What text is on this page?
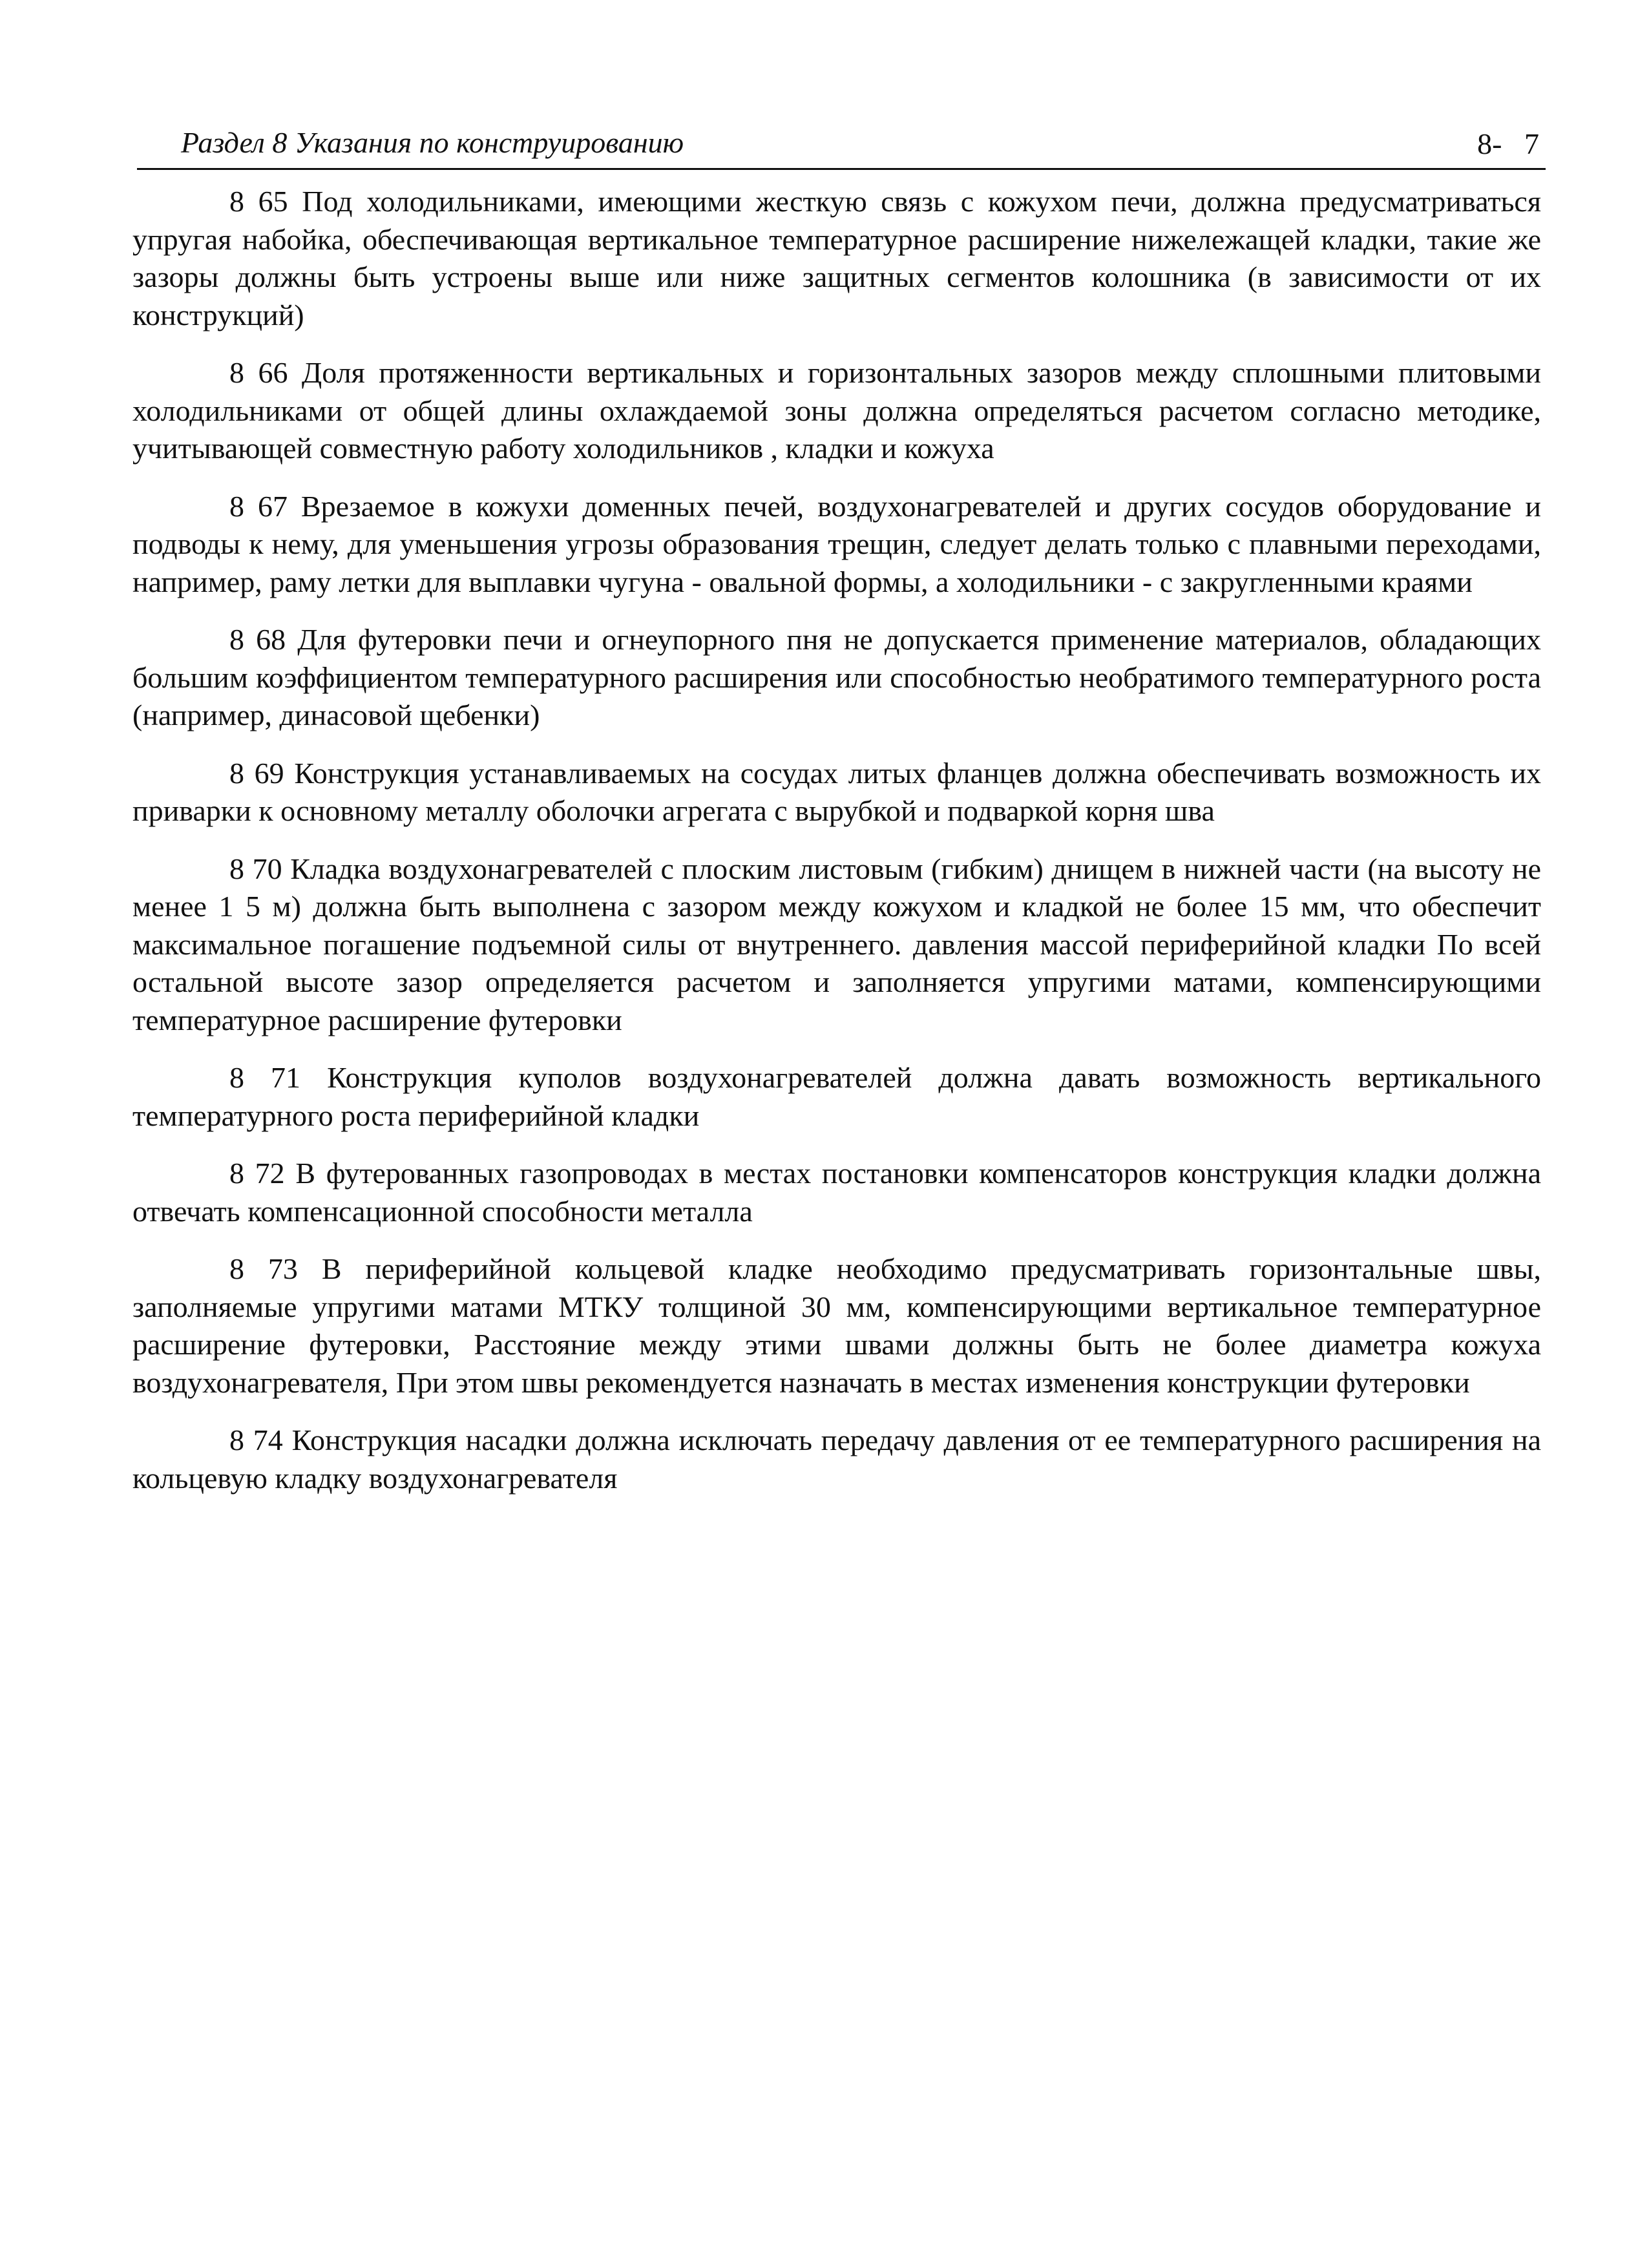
Раздел 8 Указания по конструированию	8-   7

8 65 Под холодильниками, имеющими жесткую связь с кожухом печи, должна предусматриваться упругая набойка, обеспечивающая вертикальное температурное расширение нижележащей кладки, такие же зазоры должны быть устроены выше или ниже защитных сегментов колошника (в зависимости от их конструкций)

8 66 Доля протяженности вертикальных и горизонтальных зазоров между сплошными плитовыми холодильниками от общей длины охлаждаемой зоны должна определяться расчетом согласно методике, учитывающей совместную работу холодильников , кладки и кожуха

8 67 Врезаемое в кожухи доменных печей, воздухонагревателей и других сосудов оборудование и подводы к нему, для уменьшения угрозы образования трещин, следует делать только с плавными переходами, например, раму летки для выплавки чугуна - овальной формы, а холодильники - с закругленными краями

8 68 Для футеровки печи и огнеупорного пня не допускается применение материалов, обладающих большим коэффициентом температурного расширения или способностью необратимого температурного роста (например, динасовой щебенки)

8 69 Конструкция устанавливаемых на сосудах литых фланцев должна обеспечивать возможность их приварки к основному металлу оболочки агрегата с вырубкой и подваркой корня шва

8 70 Кладка воздухонагревателей с плоским листовым (гибким) днищем в нижней части (на высоту не менее 1 5 м) должна быть выполнена с зазором между кожухом и кладкой не более 15 мм, что обеспечит максимальное погашение подъемной силы от внутреннего. давления массой периферийной кладки По всей остальной высоте зазор определяется расчетом и заполняется упругими матами, компенсирующими температурное расширение футеровки

8 71 Конструкция куполов воздухонагревателей должна давать возможность вертикального температурного роста периферийной кладки

8 72 В футерованных газопроводах в местах постановки компенсаторов конструкция кладки должна отвечать компенсационной способности металла

8 73 В периферийной кольцевой кладке необходимо предусматривать горизонтальные швы, заполняемые упругими матами МТКУ толщиной 30 мм, компенсирующими вертикальное температурное расширение футеровки, Расстояние между этими швами должны быть не более диаметра кожуха воздухонагревателя, При этом швы рекомендуется назначать в местах изменения конструкции футеровки

8 74 Конструкция насадки должна исключать передачу давления от ее температурного расширения на кольцевую кладку воздухонагревателя
